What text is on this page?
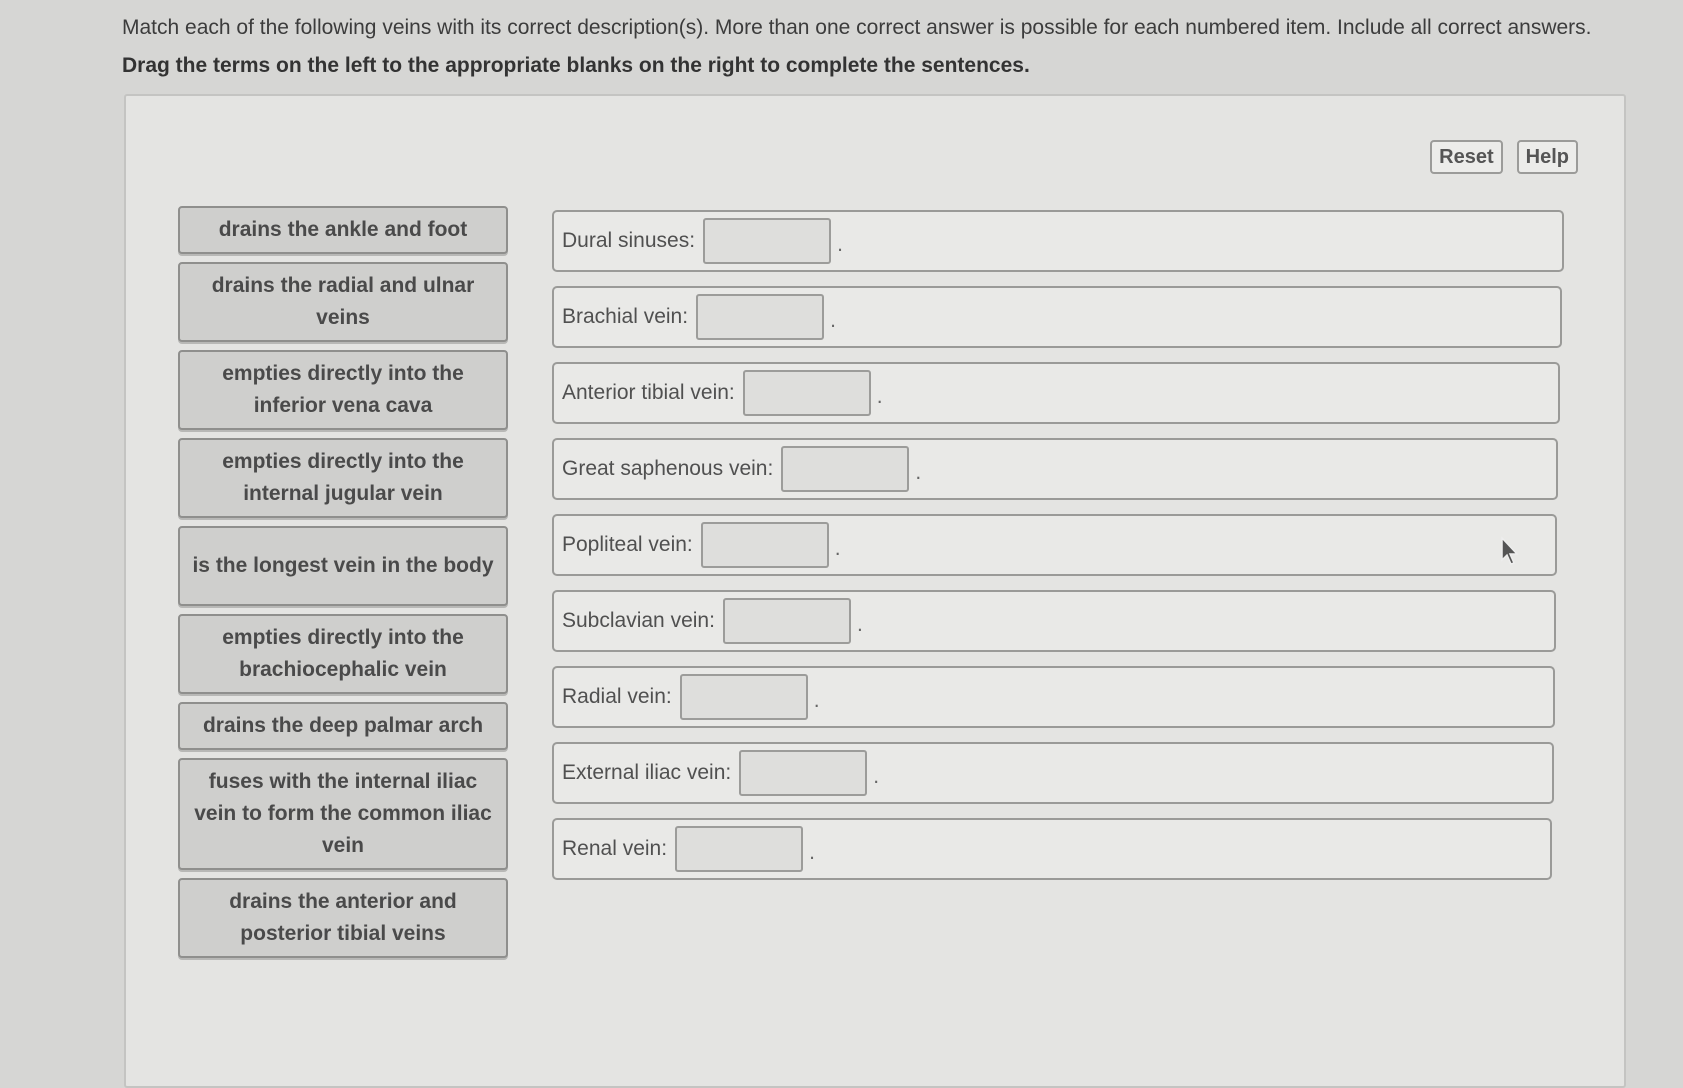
Match each of the following veins with its correct description(s). More than one correct answer is possible for each numbered item. Include all correct answers.
Drag the terms on the left to the appropriate blanks on the right to complete the sentences.
Reset	Help
drains the ankle and foot
drains the radial and ulnar veins
empties directly into the inferior vena cava
empties directly into the internal jugular vein
is the longest vein in the body
empties directly into the brachiocephalic vein
drains the deep palmar arch
fuses with the internal iliac vein to form the common iliac vein
drains the anterior and posterior tibial veins
Dural sinuses:	.
Brachial vein:	.
Anterior tibial vein:	.
Great saphenous vein:	.
Popliteal vein:	.
Subclavian vein:	.
Radial vein:	.
External iliac vein:	.
Renal vein:	.
